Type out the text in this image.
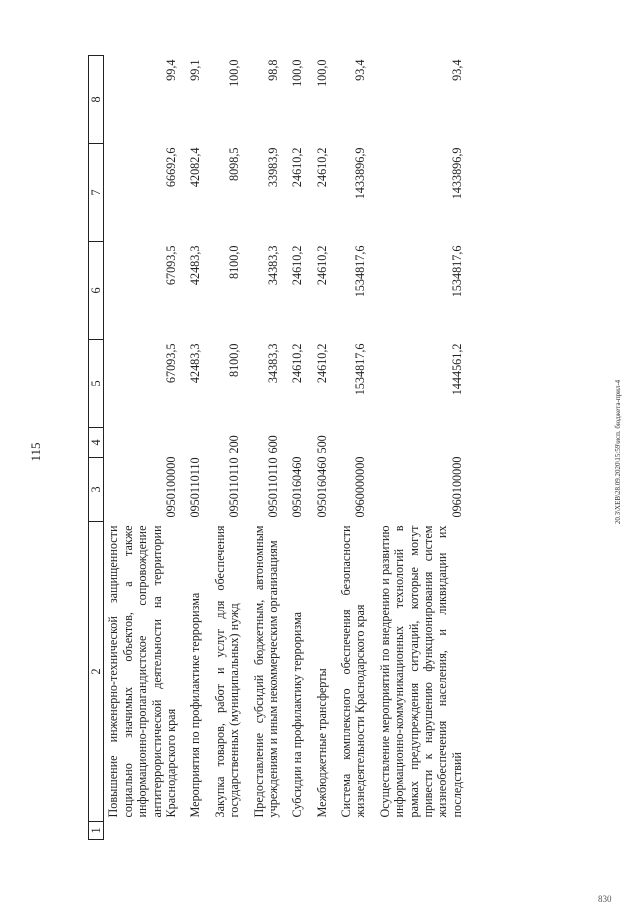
115	20.3\XEB\28.09.2020\15:59\исп. бюджета-прил-4
830
1	2	3	4	5	6	7	8
	Повышение инженерно-технической защищенности социально значимых объектов, а также информационно-пропагандистское сопровождение антитеррористической деятельности на территории Краснодарского края	0950100000		67093,5	67093,5	66692,6	99,4
	Мероприятия по профилактике терроризма	0950110110		42483,3	42483,3	42082,4	99,1
	Закупка товаров, работ и услуг для обеспечения государственных (муниципальных) нужд	0950110110	200	8100,0	8100,0	8098,5	100,0
	Предоставление субсидий бюджетным, автономным учреждениям и иным некоммерческим организациям	0950110110	600	34383,3	34383,3	33983,9	98,8
	Субсидии на профилактику терроризма	0950160460		24610,2	24610,2	24610,2	100,0
	Межбюджетные трансферты	0950160460	500	24610,2	24610,2	24610,2	100,0
	Система комплексного обеспечения безопасности жизнедеятельности Краснодарского края	0960000000		1534817,6	1534817,6	1433896,9	93,4
	Осуществление мероприятий по внедрению и развитию информационно-коммуникационных технологий в рамках предупреждения ситуаций, которые могут привести к нарушению функционирования систем жизнеобеспечения населения, и ликвидации их последствий	0960100000		1444561,2	1534817,6	1433896,9	93,4
